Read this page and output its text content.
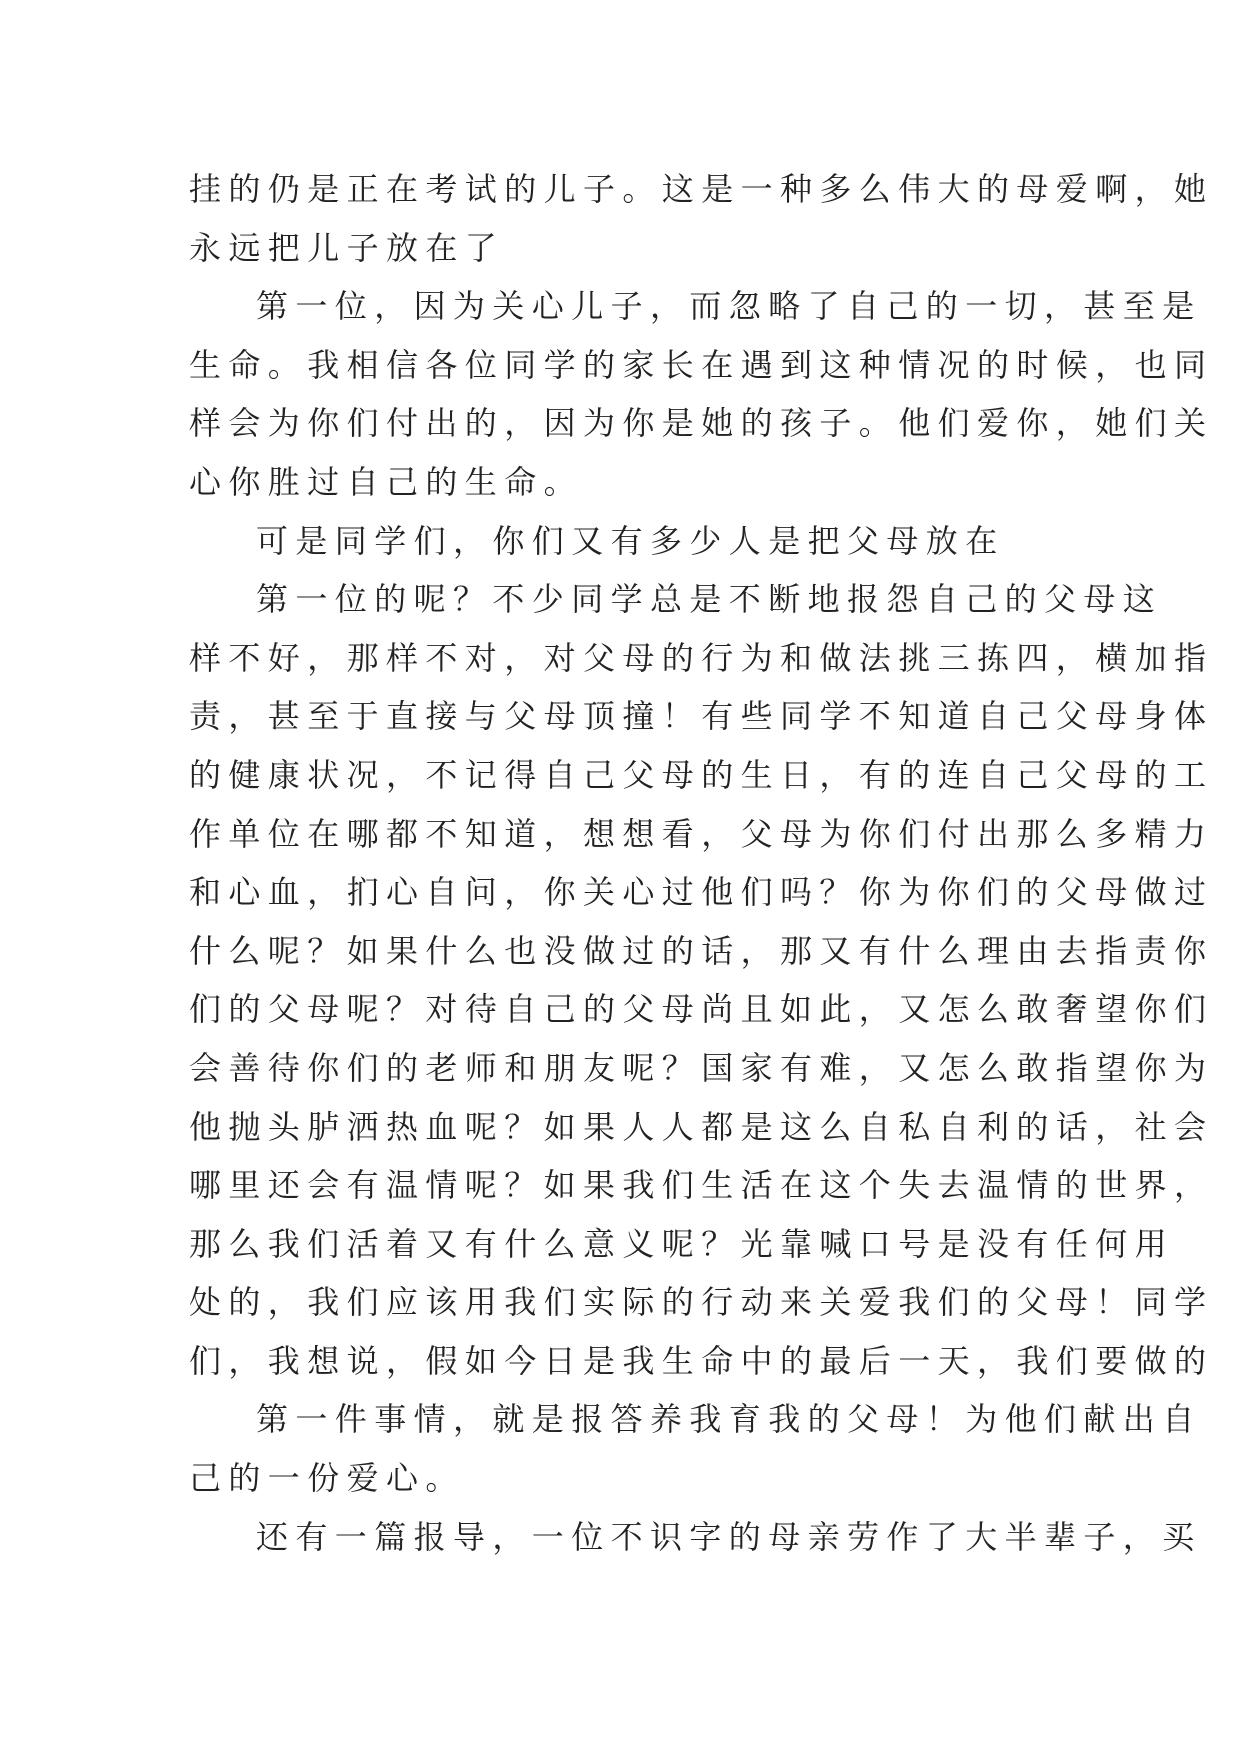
挂的仍是正在考试的儿子。这是一种多么伟大的母爱啊，她
永远把儿子放在了
第一位，因为关心儿子，而忽略了自己的一切，甚至是
生命。我相信各位同学的家长在遇到这种情况的时候，也同
样会为你们付出的，因为你是她的孩子。他们爱你，她们关
心你胜过自己的生命。
可是同学们，你们又有多少人是把父母放在
第一位的呢？不少同学总是不断地报怨自己的父母这
样不好，那样不对，对父母的行为和做法挑三拣四，横加指
责，甚至于直接与父母顶撞！有些同学不知道自己父母身体
的健康状况，不记得自己父母的生日，有的连自己父母的工
作单位在哪都不知道，想想看，父母为你们付出那么多精力
和心血，扪心自问，你关心过他们吗？你为你们的父母做过
什么呢？如果什么也没做过的话，那又有什么理由去指责你
们的父母呢？对待自己的父母尚且如此，又怎么敢奢望你们
会善待你们的老师和朋友呢？国家有难，又怎么敢指望你为
他抛头胪洒热血呢？如果人人都是这么自私自利的话，社会
哪里还会有温情呢？如果我们生活在这个失去温情的世界，
那么我们活着又有什么意义呢？光靠喊口号是没有任何用
处的，我们应该用我们实际的行动来关爱我们的父母！同学
们，我想说，假如今日是我生命中的最后一天，我们要做的
第一件事情，就是报答养我育我的父母！为他们献出自
己的一份爱心。
还有一篇报导，一位不识字的母亲劳作了大半辈子，买
